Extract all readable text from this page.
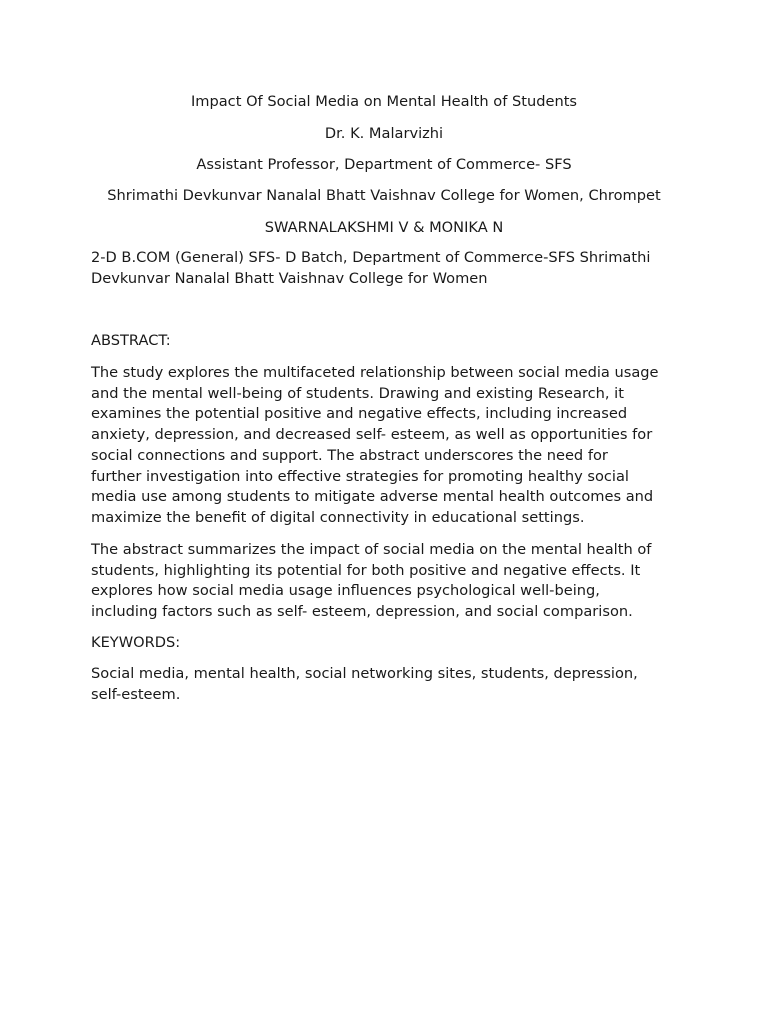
Impact Of Social Media on Mental Health of Students
Dr. K. Malarvizhi
Assistant Professor, Department of Commerce- SFS
Shrimathi Devkunvar Nanalal Bhatt Vaishnav College for Women, Chrompet
SWARNALAKSHMI V & MONIKA N
2-D B.COM (General) SFS- D Batch, Department of Commerce-SFS Shrimathi
Devkunvar Nanalal Bhatt Vaishnav College for Women
ABSTRACT:
The study explores the multifaceted relationship between social media usage
and the mental well-being of students. Drawing and existing Research, it
examines the potential positive and negative effects, including increased
anxiety, depression, and decreased self- esteem, as well as opportunities for
social connections and support. The abstract underscores the need for
further investigation into effective strategies for promoting healthy social
media use among students to mitigate adverse mental health outcomes and
maximize the benefit of digital connectivity in educational settings.
The abstract summarizes the impact of social media on the mental health of
students, highlighting its potential for both positive and negative effects. It
explores how social media usage influences psychological well-being,
including factors such as self- esteem, depression, and social comparison.
KEYWORDS:
Social media, mental health, social networking sites, students, depression,
self-esteem.
